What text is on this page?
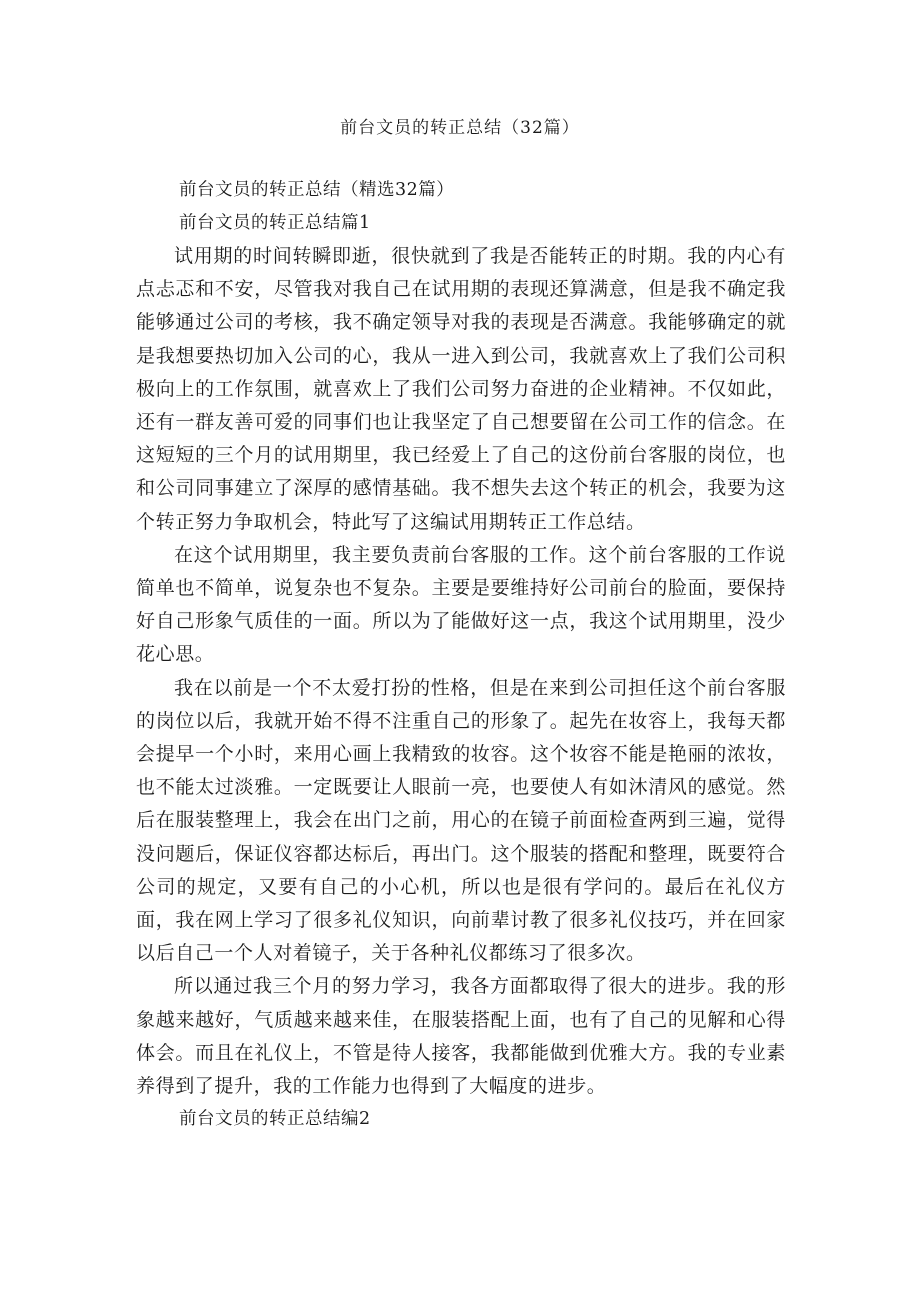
前台文员的转正总结（32篇）

前台文员的转正总结（精选32篇）

前台文员的转正总结篇1

试用期的时间转瞬即逝，很快就到了我是否能转正的时期。我的内心有点忐忑和不安，尽管我对我自己在试用期的表现还算满意，但是我不确定我能够通过公司的考核，我不确定领导对我的表现是否满意。我能够确定的就是我想要热切加入公司的心，我从一进入到公司，我就喜欢上了我们公司积极向上的工作氛围，就喜欢上了我们公司努力奋进的企业精神。不仅如此，还有一群友善可爱的同事们也让我坚定了自己想要留在公司工作的信念。在这短短的三个月的试用期里，我已经爱上了自己的这份前台客服的岗位，也和公司同事建立了深厚的感情基础。我不想失去这个转正的机会，我要为这个转正努力争取机会，特此写了这编试用期转正工作总结。

在这个试用期里，我主要负责前台客服的工作。这个前台客服的工作说简单也不简单，说复杂也不复杂。主要是要维持好公司前台的脸面，要保持好自己形象气质佳的一面。所以为了能做好这一点，我这个试用期里，没少花心思。

我在以前是一个不太爱打扮的性格，但是在来到公司担任这个前台客服的岗位以后，我就开始不得不注重自己的形象了。起先在妆容上，我每天都会提早一个小时，来用心画上我精致的妆容。这个妆容不能是艳丽的浓妆，也不能太过淡雅。一定既要让人眼前一亮，也要使人有如沐清风的感觉。然后在服装整理上，我会在出门之前，用心的在镜子前面检查两到三遍，觉得没问题后，保证仪容都达标后，再出门。这个服装的搭配和整理，既要符合公司的规定，又要有自己的小心机，所以也是很有学问的。最后在礼仪方面，我在网上学习了很多礼仪知识，向前辈讨教了很多礼仪技巧，并在回家以后自己一个人对着镜子，关于各种礼仪都练习了很多次。

所以通过我三个月的努力学习，我各方面都取得了很大的进步。我的形象越来越好，气质越来越来佳，在服装搭配上面，也有了自己的见解和心得体会。而且在礼仪上，不管是待人接客，我都能做到优雅大方。我的专业素养得到了提升，我的工作能力也得到了大幅度的进步。

前台文员的转正总结编2
